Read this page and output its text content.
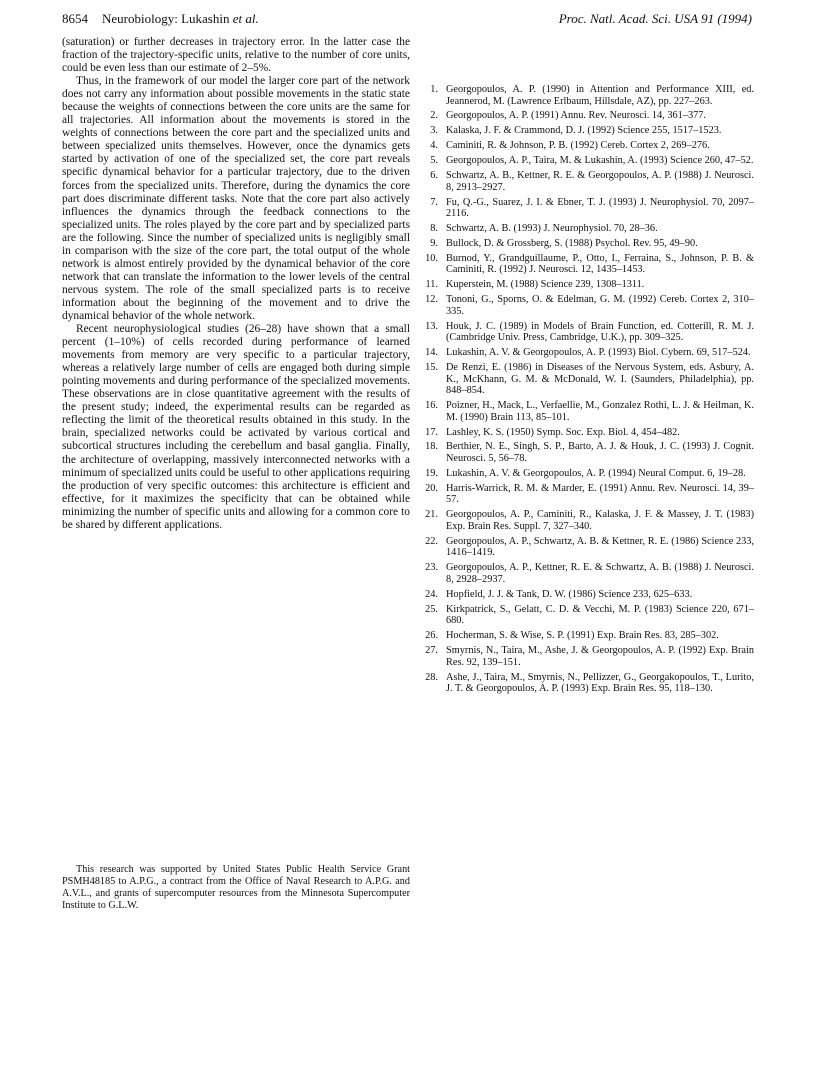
8654 Neurobiology: Lukashin et al.	Proc. Natl. Acad. Sci. USA 91 (1994)

(saturation) or further decreases in trajectory error. In the latter case the fraction of the trajectory-specific units, relative to the number of core units, could be even less than our estimate of 2–5%.

Thus, in the framework of our model the larger core part of the network does not carry any information about possible movements in the static state because the weights of connections between the core units are the same for all trajectories. All information about the movements is stored in the weights of connections between the core part and the specialized units and between specialized units themselves. However, once the dynamics gets started by activation of one of the specialized set, the core part reveals specific dynamical behavior for a particular trajectory, due to the driven forces from the specialized units. Therefore, during the dynamics the core part does discriminate different tasks. Note that the core part also actively influences the dynamics through the feedback connections to the specialized units. The roles played by the core part and by specialized parts are the following. Since the number of specialized units is negligibly small in comparison with the size of the core part, the total output of the whole network is almost entirely provided by the dynamical behavior of the core network that can translate the information to the lower levels of the central nervous system. The role of the small specialized parts is to receive information about the beginning of the movement and to drive the dynamical behavior of the whole network.

Recent neurophysiological studies (26–28) have shown that a small percent (1–10%) of cells recorded during performance of learned movements from memory are very specific to a particular trajectory, whereas a relatively large number of cells are engaged both during simple pointing movements and during performance of the specialized movements. These observations are in close quantitative agreement with the results of the present study; indeed, the experimental results can be regarded as reflecting the limit of the theoretical results obtained in this study. In the brain, specialized networks could be activated by various cortical and subcortical structures including the cerebellum and basal ganglia. Finally, the architecture of overlapping, massively interconnected networks with a minimum of specialized units could be useful to other applications requiring the production of very specific outcomes: this architecture is efficient and effective, for it maximizes the specificity that can be obtained while minimizing the number of specific units and allowing for a common core to be shared by different applications.

This research was supported by United States Public Health Service Grant PSMH48185 to A.P.G., a contract from the Office of Naval Research to A.P.G. and A.V.L., and grants of supercomputer resources from the Minnesota Supercomputer Institute to G.L.W.

1. Georgopoulos, A. P. (1990) in Attention and Performance XIII, ed. Jeannerod, M. (Lawrence Erlbaum, Hillsdale, AZ), pp. 227–263.
2. Georgopoulos, A. P. (1991) Annu. Rev. Neurosci. 14, 361–377.
3. Kalaska, J. F. & Crammond, D. J. (1992) Science 255, 1517–1523.
4. Caminiti, R. & Johnson, P. B. (1992) Cereb. Cortex 2, 269–276.
5. Georgopoulos, A. P., Taira, M. & Lukashin, A. (1993) Science 260, 47–52.
6. Schwartz, A. B., Kettner, R. E. & Georgopoulos, A. P. (1988) J. Neurosci. 8, 2913–2927.
7. Fu, Q.-G., Suarez, J. I. & Ebner, T. J. (1993) J. Neurophysiol. 70, 2097–2116.
8. Schwartz, A. B. (1993) J. Neurophysiol. 70, 28–36.
9. Bullock, D. & Grossberg, S. (1988) Psychol. Rev. 95, 49–90.
10. Burnod, Y., Grandguillaume, P., Otto, I., Ferraina, S., Johnson, P. B. & Caminiti, R. (1992) J. Neurosci. 12, 1435–1453.
11. Kuperstein, M. (1988) Science 239, 1308–1311.
12. Tononi, G., Sporns, O. & Edelman, G. M. (1992) Cereb. Cortex 2, 310–335.
13. Houk, J. C. (1989) in Models of Brain Function, ed. Cotterill, R. M. J. (Cambridge Univ. Press, Cambridge, U.K.), pp. 309–325.
14. Lukashin, A. V. & Georgopoulos, A. P. (1993) Biol. Cybern. 69, 517–524.
15. De Renzi, E. (1986) in Diseases of the Nervous System, eds. Asbury, A. K., McKhann, G. M. & McDonald, W. I. (Saunders, Philadelphia), pp. 848–854.
16. Poizner, H., Mack, L., Verfaellie, M., Gonzalez Rothi, L. J. & Heilman, K. M. (1990) Brain 113, 85–101.
17. Lashley, K. S. (1950) Symp. Soc. Exp. Biol. 4, 454–482.
18. Berthier, N. E., Singh, S. P., Barto, A. J. & Houk, J. C. (1993) J. Cognit. Neurosci. 5, 56–78.
19. Lukashin, A. V. & Georgopoulos, A. P. (1994) Neural Comput. 6, 19–28.
20. Harris-Warrick, R. M. & Marder, E. (1991) Annu. Rev. Neurosci. 14, 39–57.
21. Georgopoulos, A. P., Caminiti, R., Kalaska, J. F. & Massey, J. T. (1983) Exp. Brain Res. Suppl. 7, 327–340.
22. Georgopoulos, A. P., Schwartz, A. B. & Kettner, R. E. (1986) Science 233, 1416–1419.
23. Georgopoulos, A. P., Kettner, R. E. & Schwartz, A. B. (1988) J. Neurosci. 8, 2928–2937.
24. Hopfield, J. J. & Tank, D. W. (1986) Science 233, 625–633.
25. Kirkpatrick, S., Gelatt, C. D. & Vecchi, M. P. (1983) Science 220, 671–680.
26. Hocherman, S. & Wise, S. P. (1991) Exp. Brain Res. 83, 285–302.
27. Smyrnis, N., Taira, M., Ashe, J. & Georgopoulos, A. P. (1992) Exp. Brain Res. 92, 139–151.
28. Ashe, J., Taira, M., Smyrnis, N., Pellizzer, G., Georgakopoulos, T., Lurito, J. T. & Georgopoulos, A. P. (1993) Exp. Brain Res. 95, 118–130.
